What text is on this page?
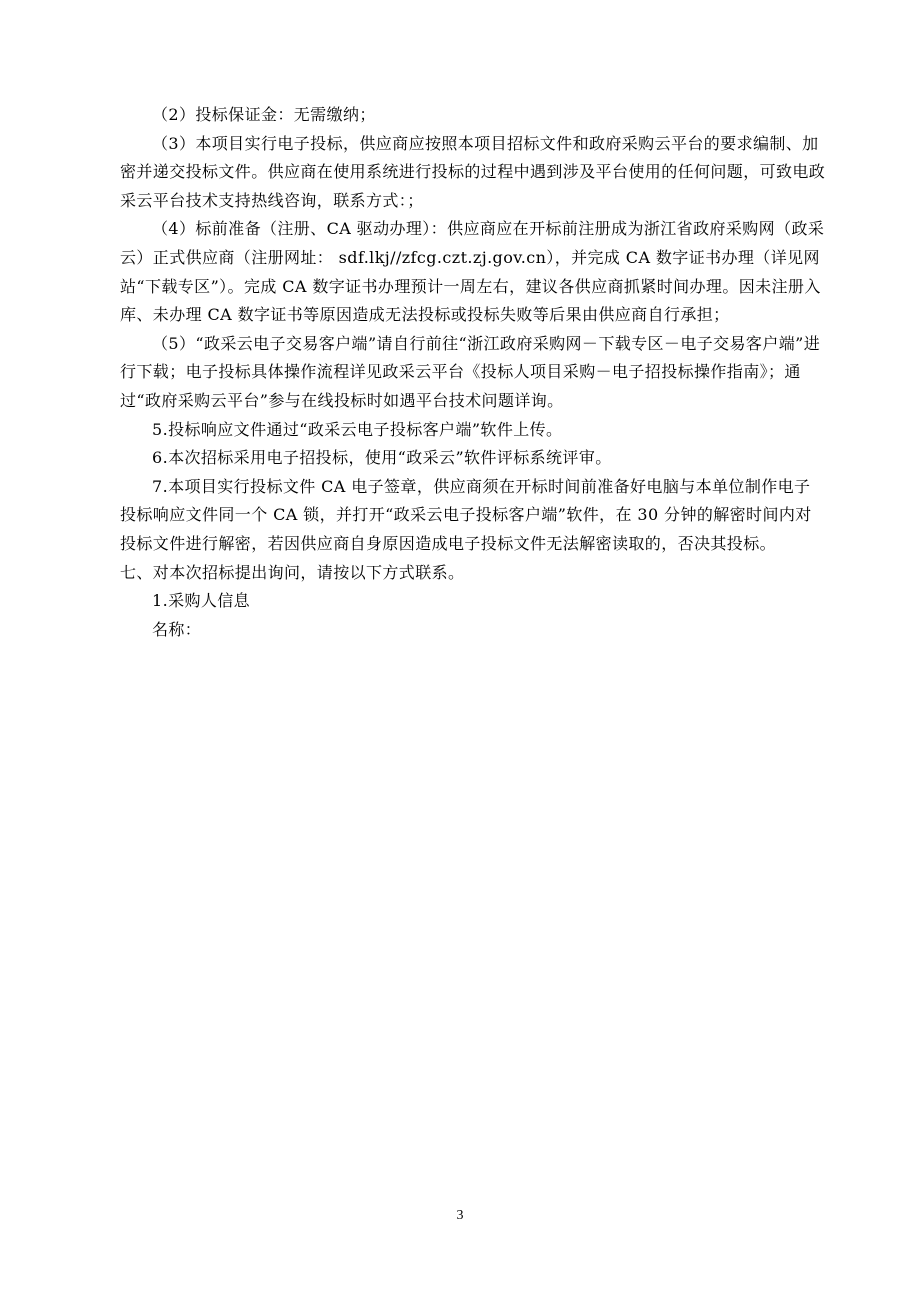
（2）投标保证金：无需缴纳；

（3）本项目实行电子投标，供应商应按照本项目招标文件和政府采购云平台的要求编制、加密并递交投标文件。供应商在使用系统进行投标的过程中遇到涉及平台使用的任何问题，可致电政采云平台技术支持热线咨询，联系方式：；

（4）标前准备（注册、CA 驱动办理）：供应商应在开标前注册成为浙江省政府采购网（政采云）正式供应商（注册网址： sdf.lkj//zfcg.czt.zj.gov.cn），并完成 CA 数字证书办理（详见网站“下载专区”）。完成 CA 数字证书办理预计一周左右，建议各供应商抓紧时间办理。因未注册入库、未办理 CA 数字证书等原因造成无法投标或投标失败等后果由供应商自行承担；

（5）“政采云电子交易客户端”请自行前往“浙江政府采购网－下载专区－电子交易客户端”进行下载；电子投标具体操作流程详见政采云平台《投标人项目采购－电子招投标操作指南》；通过“政府采购云平台”参与在线投标时如遇平台技术问题详询。

5.投标响应文件通过“政采云电子投标客户端”软件上传。

6.本次招标采用电子招投标，使用“政采云”软件评标系统评审。

7.本项目实行投标文件 CA 电子签章，供应商须在开标时间前准备好电脑与本单位制作电子投标响应文件同一个 CA 锁，并打开“政采云电子投标客户端”软件，在 30 分钟的解密时间内对投标文件进行解密，若因供应商自身原因造成电子投标文件无法解密读取的，否决其投标。

七、对本次招标提出询问，请按以下方式联系。

1.采购人信息

名称：

3
